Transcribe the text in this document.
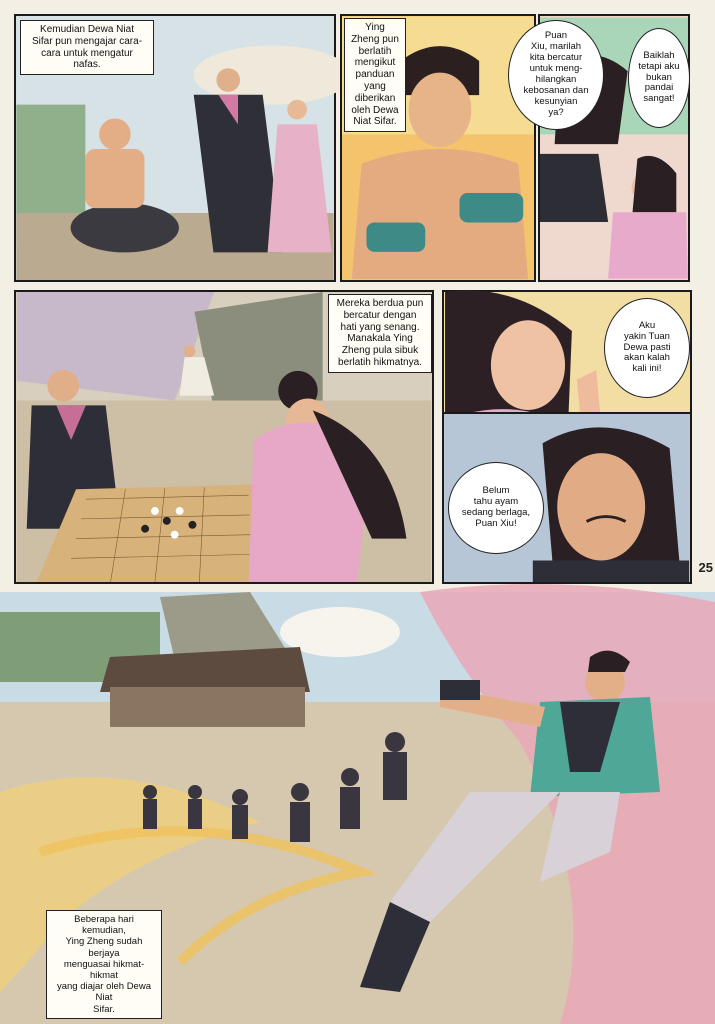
Kemudian Dewa Niat
Sifar pun mengajar cara-
cara untuk mengatur
nafas.
Ying
Zheng pun
berlatih
mengikut
panduan
yang
diberikan
oleh Dewa
Niat Sifar.
Puan
Xiu, marilah
kita bercatur
untuk meng-
hilangkan
kebosanan dan
kesunyian
ya?
Baiklah
tetapi aku
bukan
pandai
sangat!
Mereka berdua pun
bercatur dengan
hati yang senang.
Manakala Ying
Zheng pula sibuk
berlatih hikmatnya.
Aku
yakin Tuan
Dewa pasti
akan kalah
kali ini!
Belum
tahu ayam
sedang berlaga,
Puan Xiu!
25
Beberapa hari kemudian,
Ying Zheng sudah berjaya
menguasai hikmat-hikmat
yang diajar oleh Dewa Niat
Sifar.
